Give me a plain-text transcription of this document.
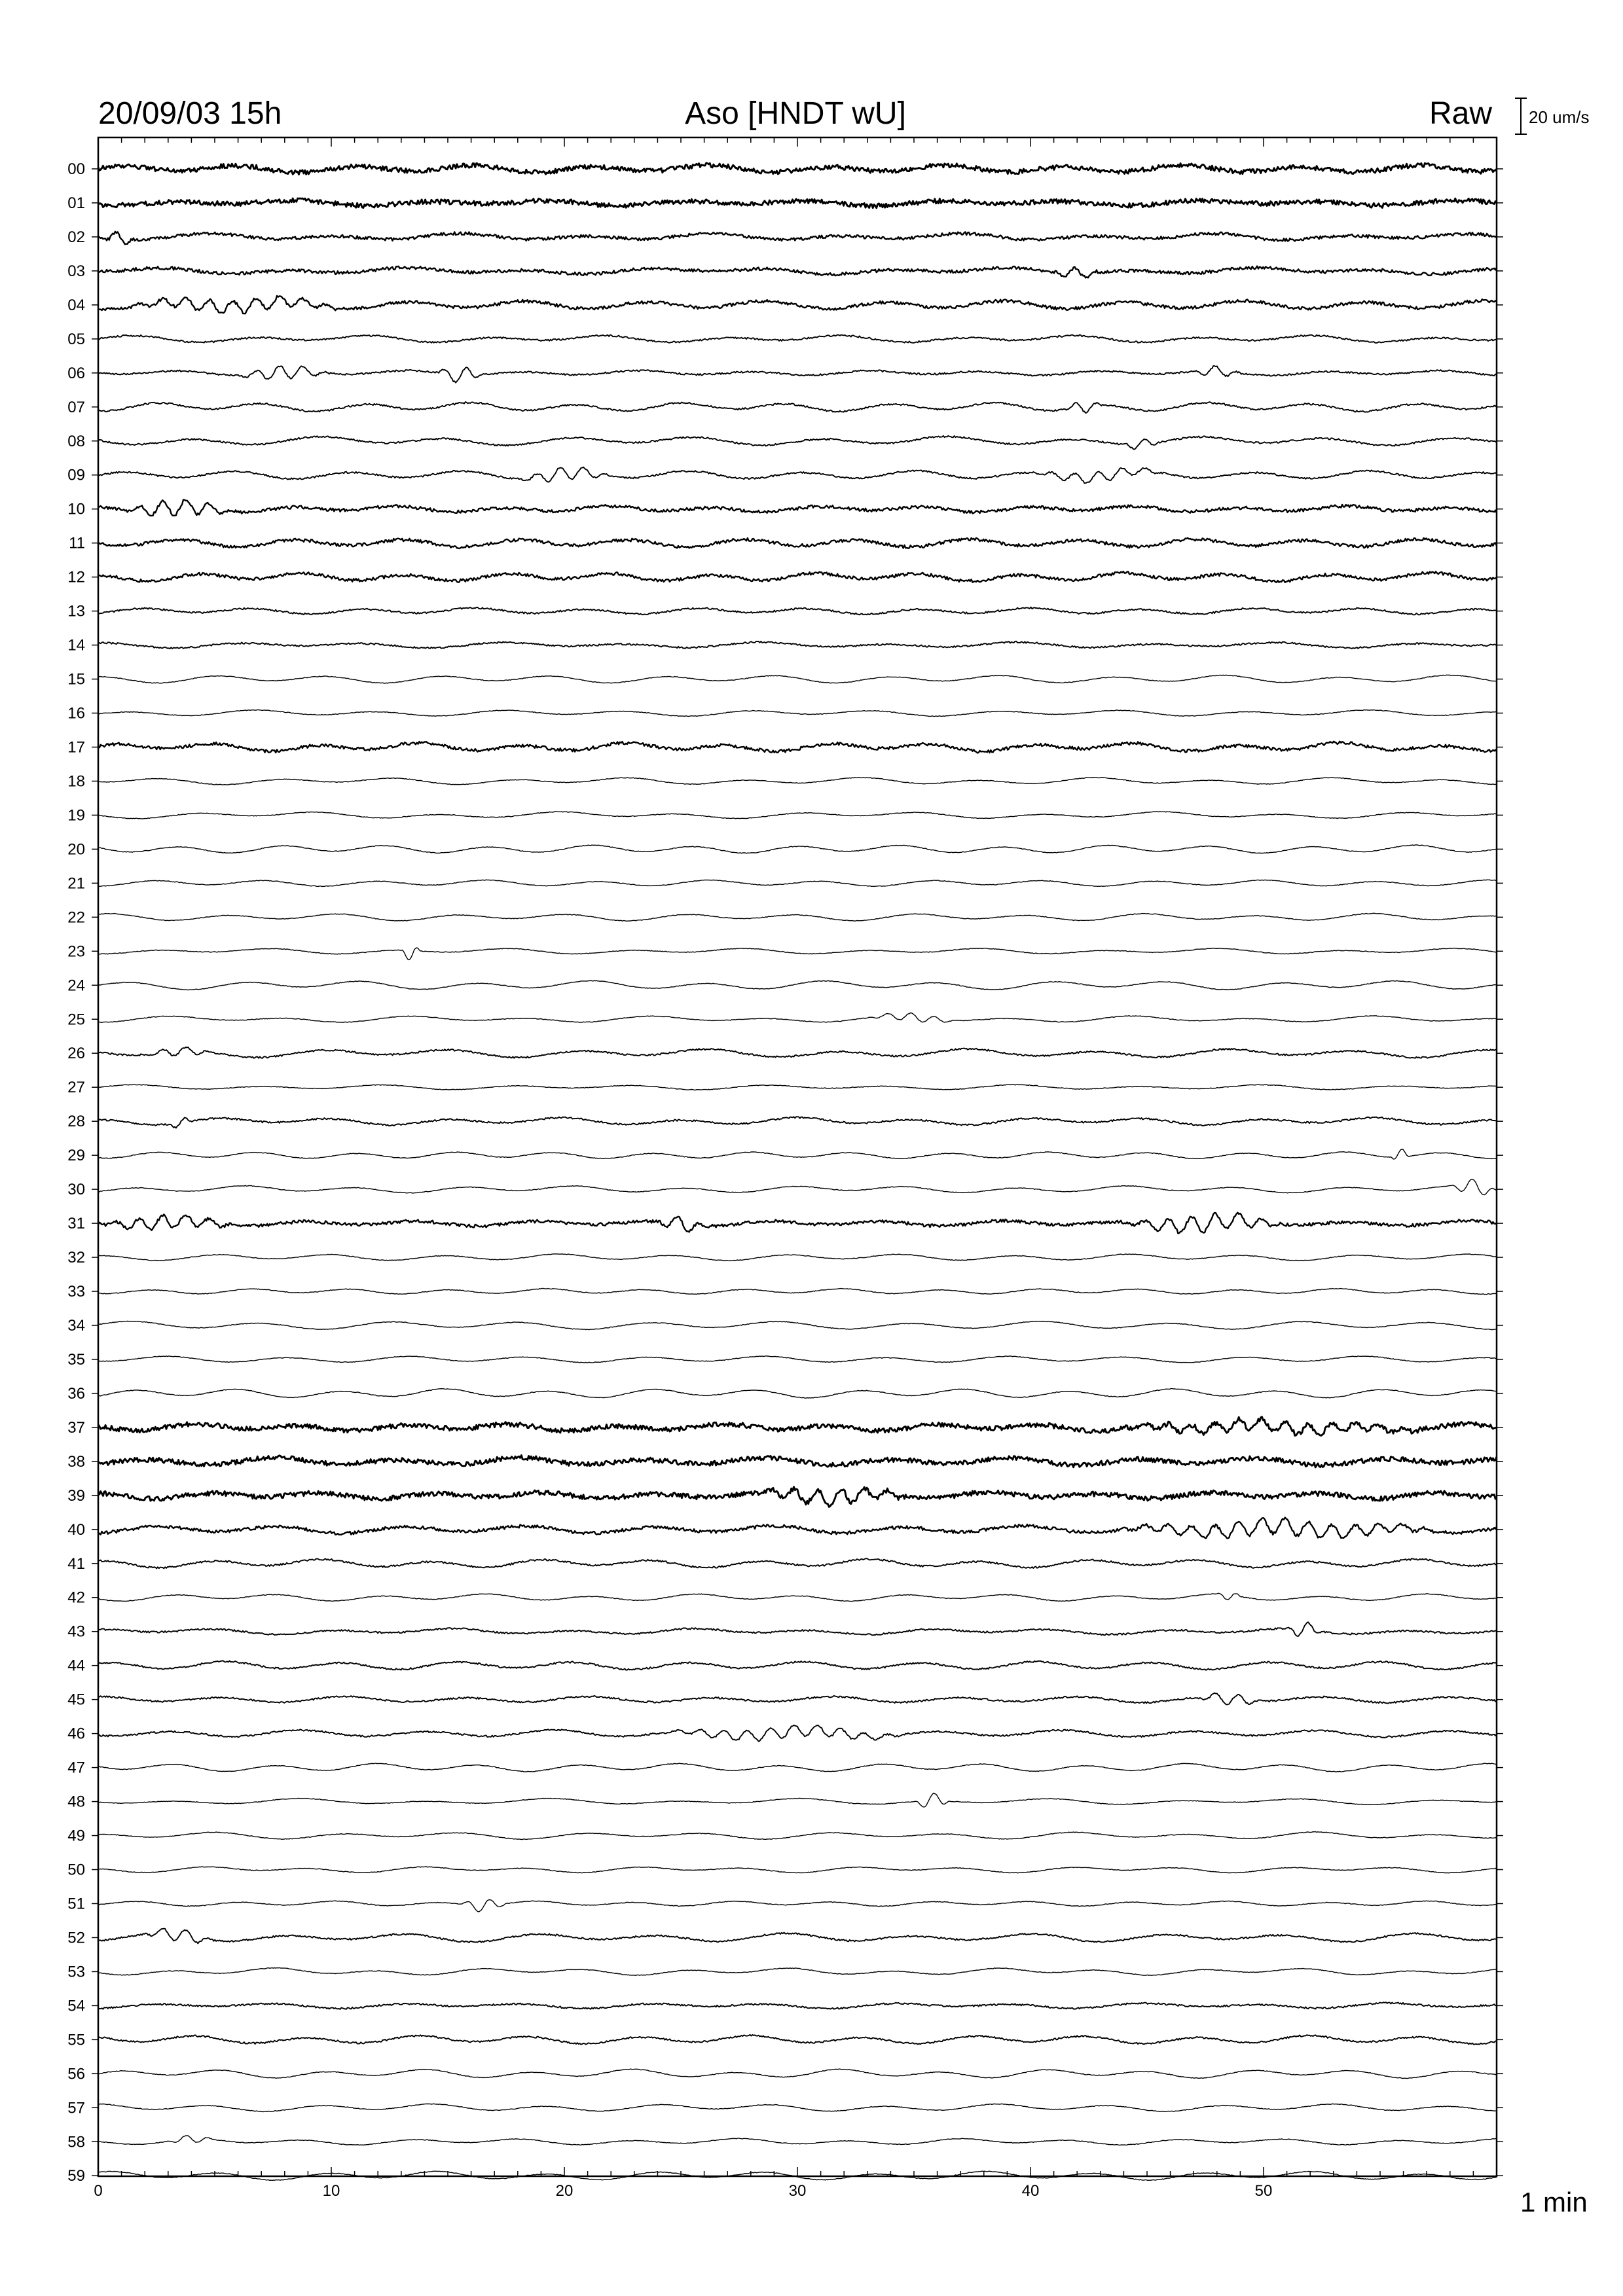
20/09/03 15h	Aso [HNDT wU]	Raw 20 um/s
1 min
00
01
02
03
04
05
06
07
08
09
10
11
12
13
14
15
16
17
18
19
20
21
22
23
24
25
26
27
28
29
30
31
32
33
34
35
36
37
38
39
40
41
42
43
44
45
46
47
48
49
50
51
52
53
54
55
56
57
58
59
0	10	20	30	40	50
